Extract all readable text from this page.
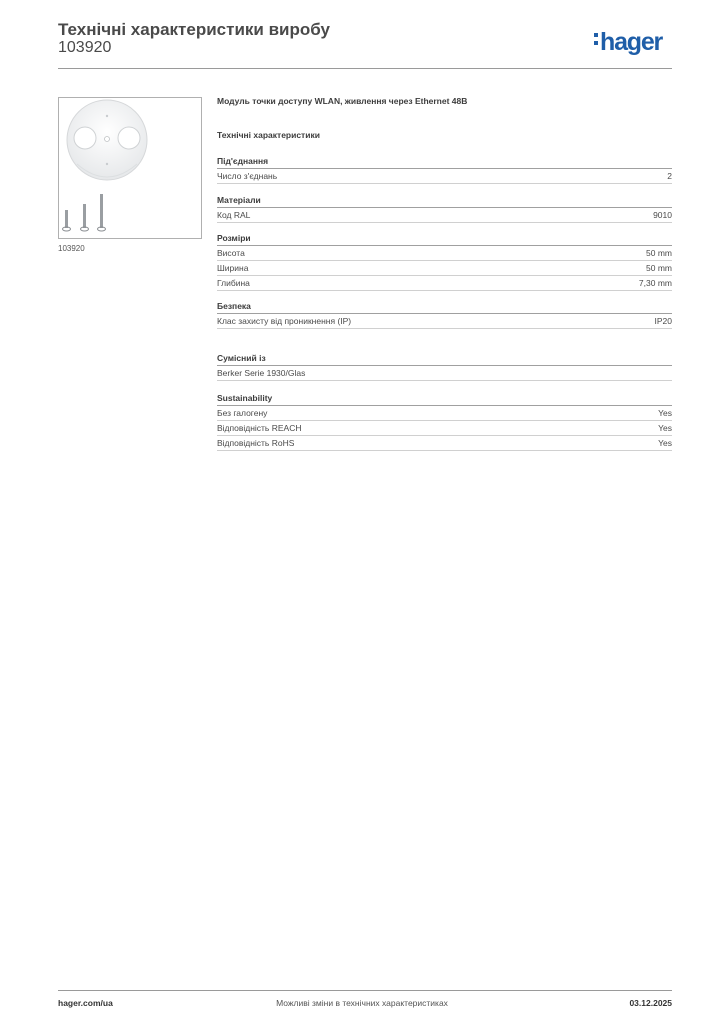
Технічні характеристики виробу
103920	hager
103920
Модуль точки доступу WLAN, живлення через Ethernet 48В
Технічні характеристики
Під'єднання
Число з'єднань	2
Матеріали
Код RAL	9010
Розміри
Висота	50 mm
Ширина	50 mm
Глибина	7,30 mm
Безпека
Клас захисту від проникнення (IP)	IP20
Сумісний із
Berker Serie 1930/Glas
Sustainability
Без галогену	Yes
Відповідність REACH	Yes
Відповідність RoHS	Yes
hager.com/ua	Можливі зміни в технічних характеристиках	03.12.2025
